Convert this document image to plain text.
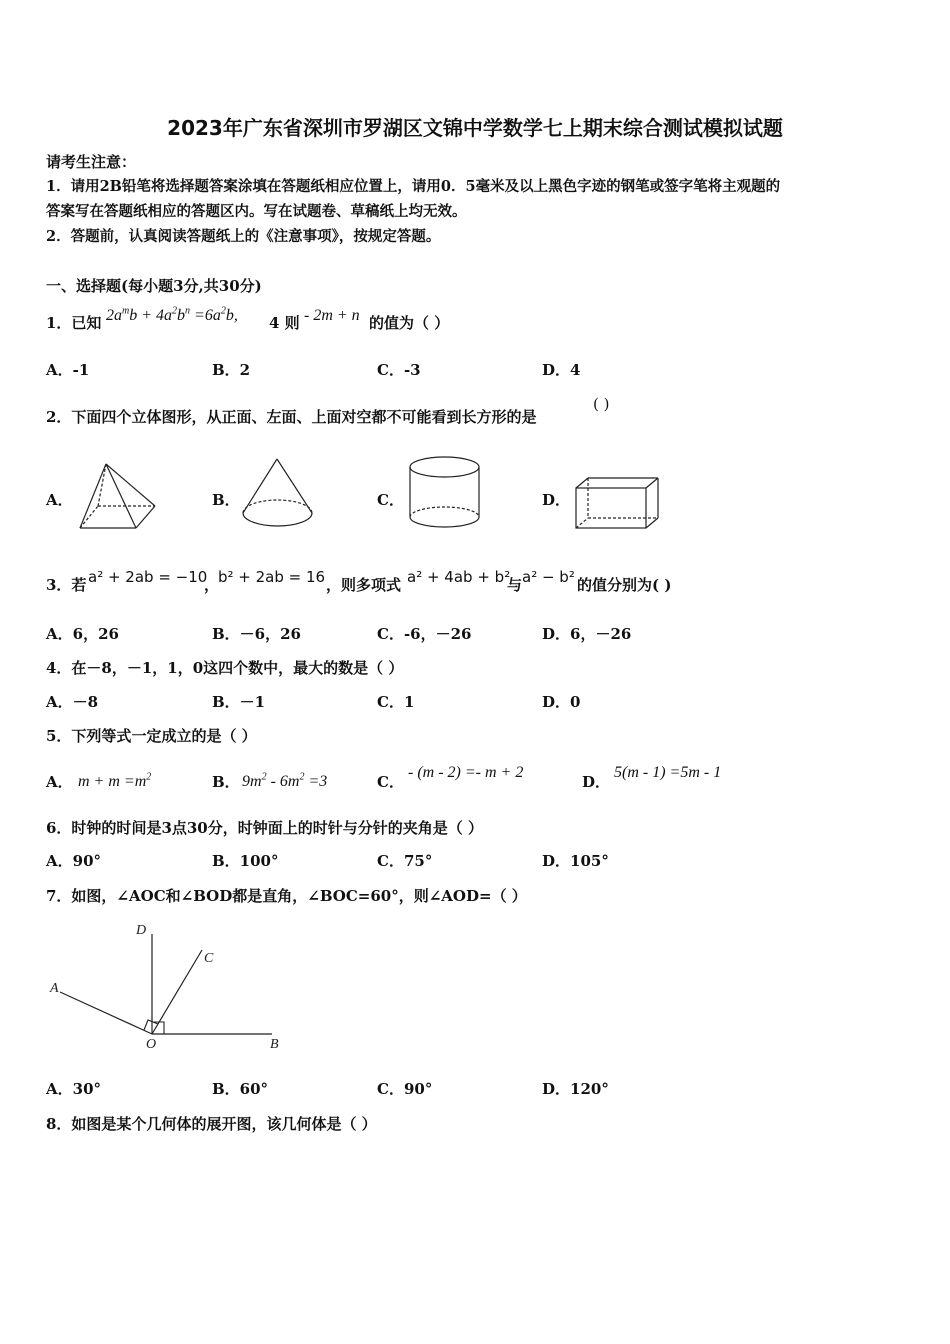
2023年广东省深圳市罗湖区文锦中学数学七上期末综合测试模拟试题
请考生注意：
1．请用2B铅笔将选择题答案涂填在答题纸相应位置上，请用0．5毫米及以上黑色字迹的钢笔或签字笔将主观题的
答案写在答题纸相应的答题区内。写在试题卷、草稿纸上均无效。
2．答题前，认真阅读答题纸上的《注意事项》，按规定答题。
一、选择题(每小题3分,共30分)
1．已知 $2a^mb + 4a^2b^n =6a^2b$, 4 则 - 2m + n 的值为（ ）
A．-1	B．2	C．-3	D．4
2．下面四个立体图形，从正面、左面、上面对空都不可能看到长方形的是
( )
A．	B．	C．	D．
3．若 a² + 2ab = −10
，
b² + 2ab = 16 ，则多项式 a² + 4ab + b²
与 a² − b² 的值分别为( )
A．6，26	B．－6，26	C．-6，－26	D．6，－26
4．在－8，－1，1，0这四个数中，最大的数是（ ）
A．－8	B．－1	C．1	D．0
5．下列等式一定成立的是（ ）
A． $m + m =m^2$	B． $9m^2 - 6m^2 =3$	C．
- (m - 2) =- m + 2
D．
5(m - 1) =5m - 1
6．时钟的时间是3点30分，时钟面上的时针与分针的夹角是（ ）
A．90°	B．100°	C．75°	D．105°
7．如图，∠AOC和∠BOD都是直角，∠BOC=60°，则∠AOD=（ ）
D
C
A
O	B
A．30°	B．60°	C．90°	D．120°
8．如图是某个几何体的展开图，该几何体是（ ）
